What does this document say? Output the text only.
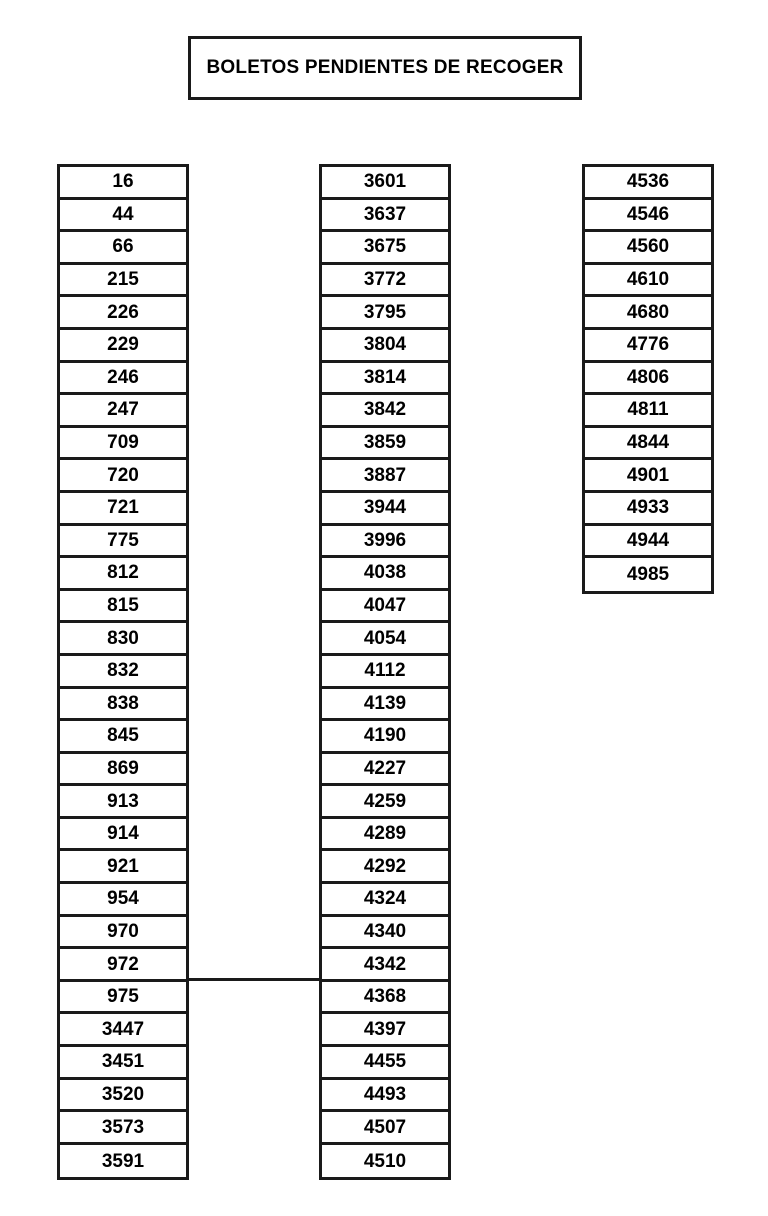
BOLETOS PENDIENTES DE RECOGER
16
44
66
215
226
229
246
247
709
720
721
775
812
815
830
832
838
845
869
913
914
921
954
970
972
975
3447
3451
3520
3573
3591
3601
3637
3675
3772
3795
3804
3814
3842
3859
3887
3944
3996
4038
4047
4054
4112
4139
4190
4227
4259
4289
4292
4324
4340
4342
4368
4397
4455
4493
4507
4510
4536
4546
4560
4610
4680
4776
4806
4811
4844
4901
4933
4944
4985
